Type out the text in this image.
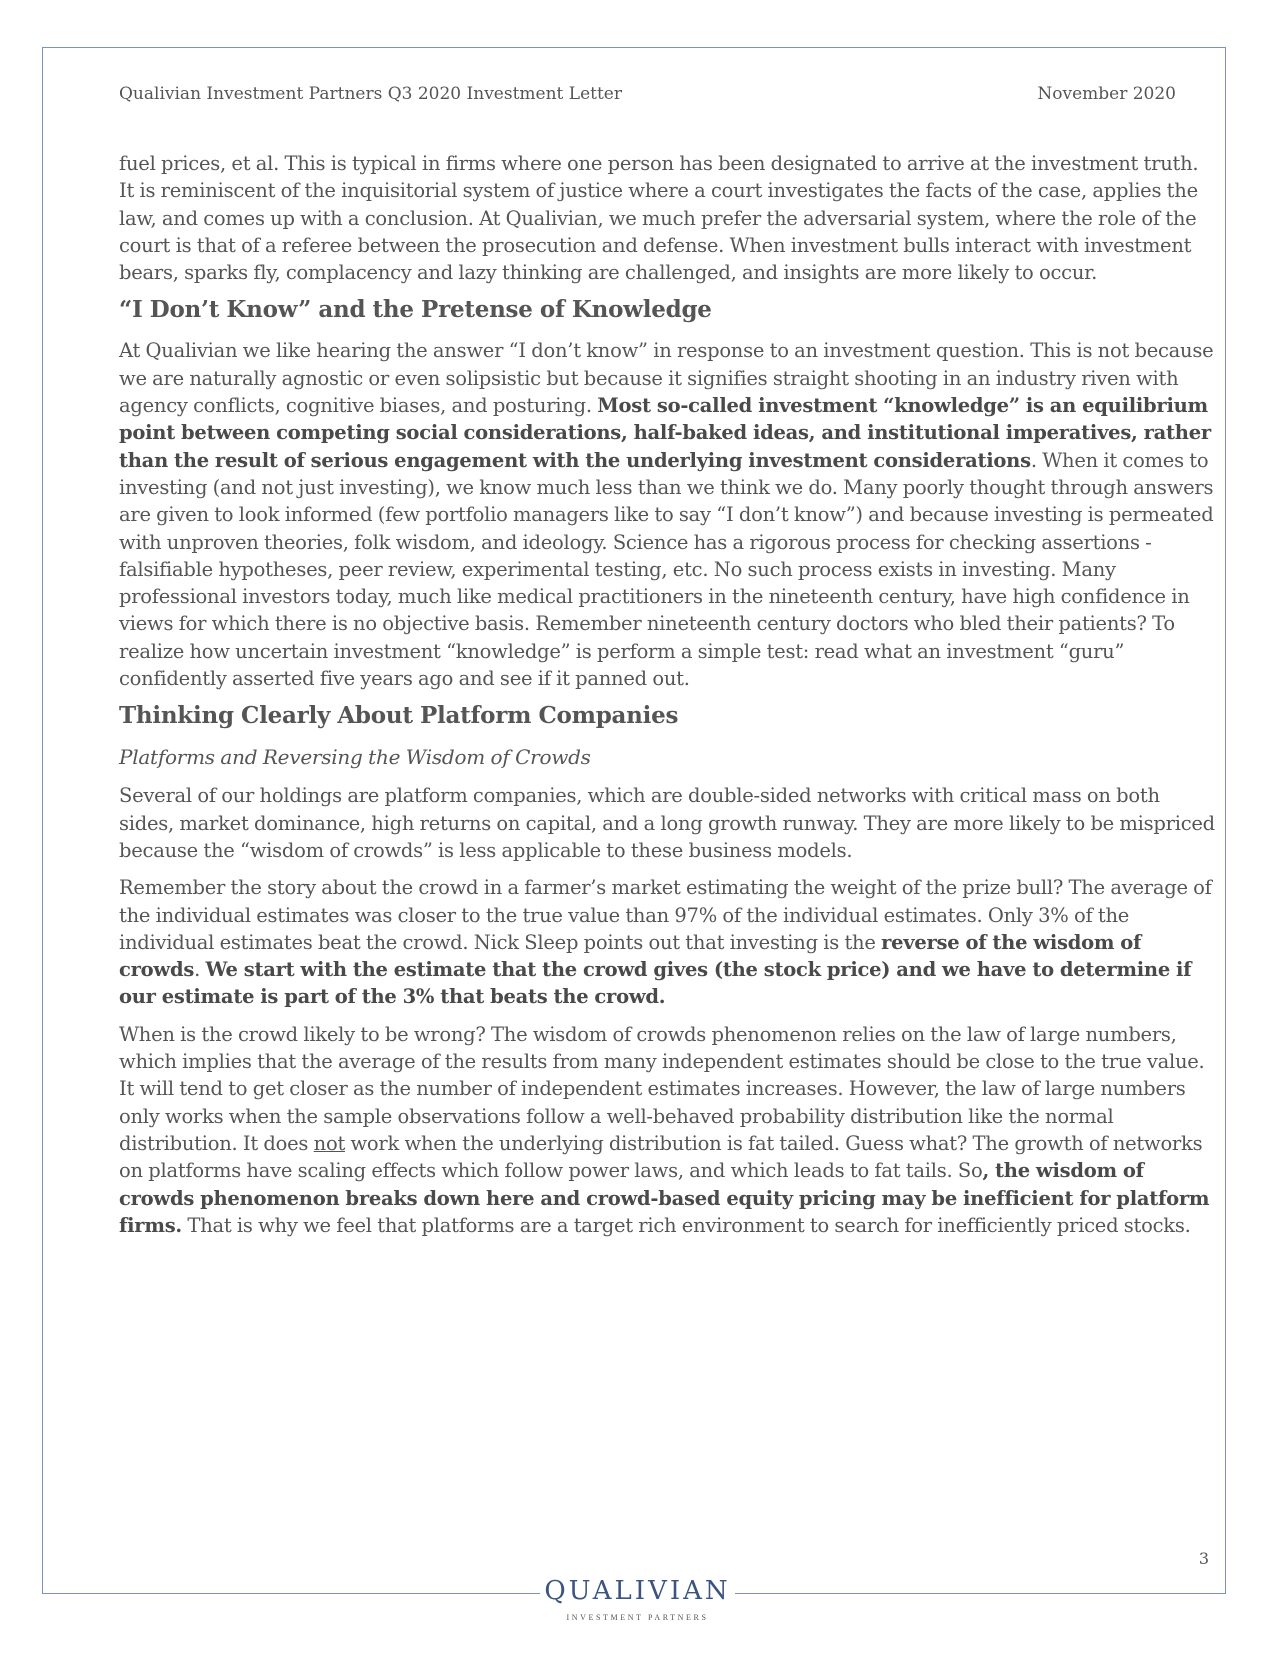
Qualivian Investment Partners Q3 2020 Investment Letter	November 2020

fuel prices, et al. This is typical in firms where one person has been designated to arrive at the investment truth. It is reminiscent of the inquisitorial system of justice where a court investigates the facts of the case, applies the law, and comes up with a conclusion. At Qualivian, we much prefer the adversarial system, where the role of the court is that of a referee between the prosecution and defense. When investment bulls interact with investment bears, sparks fly, complacency and lazy thinking are challenged, and insights are more likely to occur.

“I Don’t Know” and the Pretense of Knowledge

At Qualivian we like hearing the answer “I don’t know” in response to an investment question. This is not because we are naturally agnostic or even solipsistic but because it signifies straight shooting in an industry riven with agency conflicts, cognitive biases, and posturing. Most so-called investment “knowledge” is an equilibrium point between competing social considerations, half-baked ideas, and institutional imperatives, rather than the result of serious engagement with the underlying investment considerations. When it comes to investing (and not just investing), we know much less than we think we do. Many poorly thought through answers are given to look informed (few portfolio managers like to say “I don’t know”) and because investing is permeated with unproven theories, folk wisdom, and ideology. Science has a rigorous process for checking assertions - falsifiable hypotheses, peer review, experimental testing, etc. No such process exists in investing. Many professional investors today, much like medical practitioners in the nineteenth century, have high confidence in views for which there is no objective basis. Remember nineteenth century doctors who bled their patients? To realize how uncertain investment “knowledge” is perform a simple test: read what an investment “guru” confidently asserted five years ago and see if it panned out.

Thinking Clearly About Platform Companies
Platforms and Reversing the Wisdom of Crowds

Several of our holdings are platform companies, which are double-sided networks with critical mass on both sides, market dominance, high returns on capital, and a long growth runway. They are more likely to be mispriced because the “wisdom of crowds” is less applicable to these business models.

Remember the story about the crowd in a farmer’s market estimating the weight of the prize bull? The average of the individual estimates was closer to the true value than 97% of the individual estimates. Only 3% of the individual estimates beat the crowd. Nick Sleep points out that investing is the reverse of the wisdom of crowds. We start with the estimate that the crowd gives (the stock price) and we have to determine if our estimate is part of the 3% that beats the crowd.

When is the crowd likely to be wrong? The wisdom of crowds phenomenon relies on the law of large numbers, which implies that the average of the results from many independent estimates should be close to the true value. It will tend to get closer as the number of independent estimates increases. However, the law of large numbers only works when the sample observations follow a well-behaved probability distribution like the normal distribution. It does not work when the underlying distribution is fat tailed. Guess what? The growth of networks on platforms have scaling effects which follow power laws, and which leads to fat tails. So, the wisdom of crowds phenomenon breaks down here and crowd-based equity pricing may be inefficient for platform firms. That is why we feel that platforms are a target rich environment to search for inefficiently priced stocks.

3
QUALIVIAN
INVESTMENT PARTNERS
